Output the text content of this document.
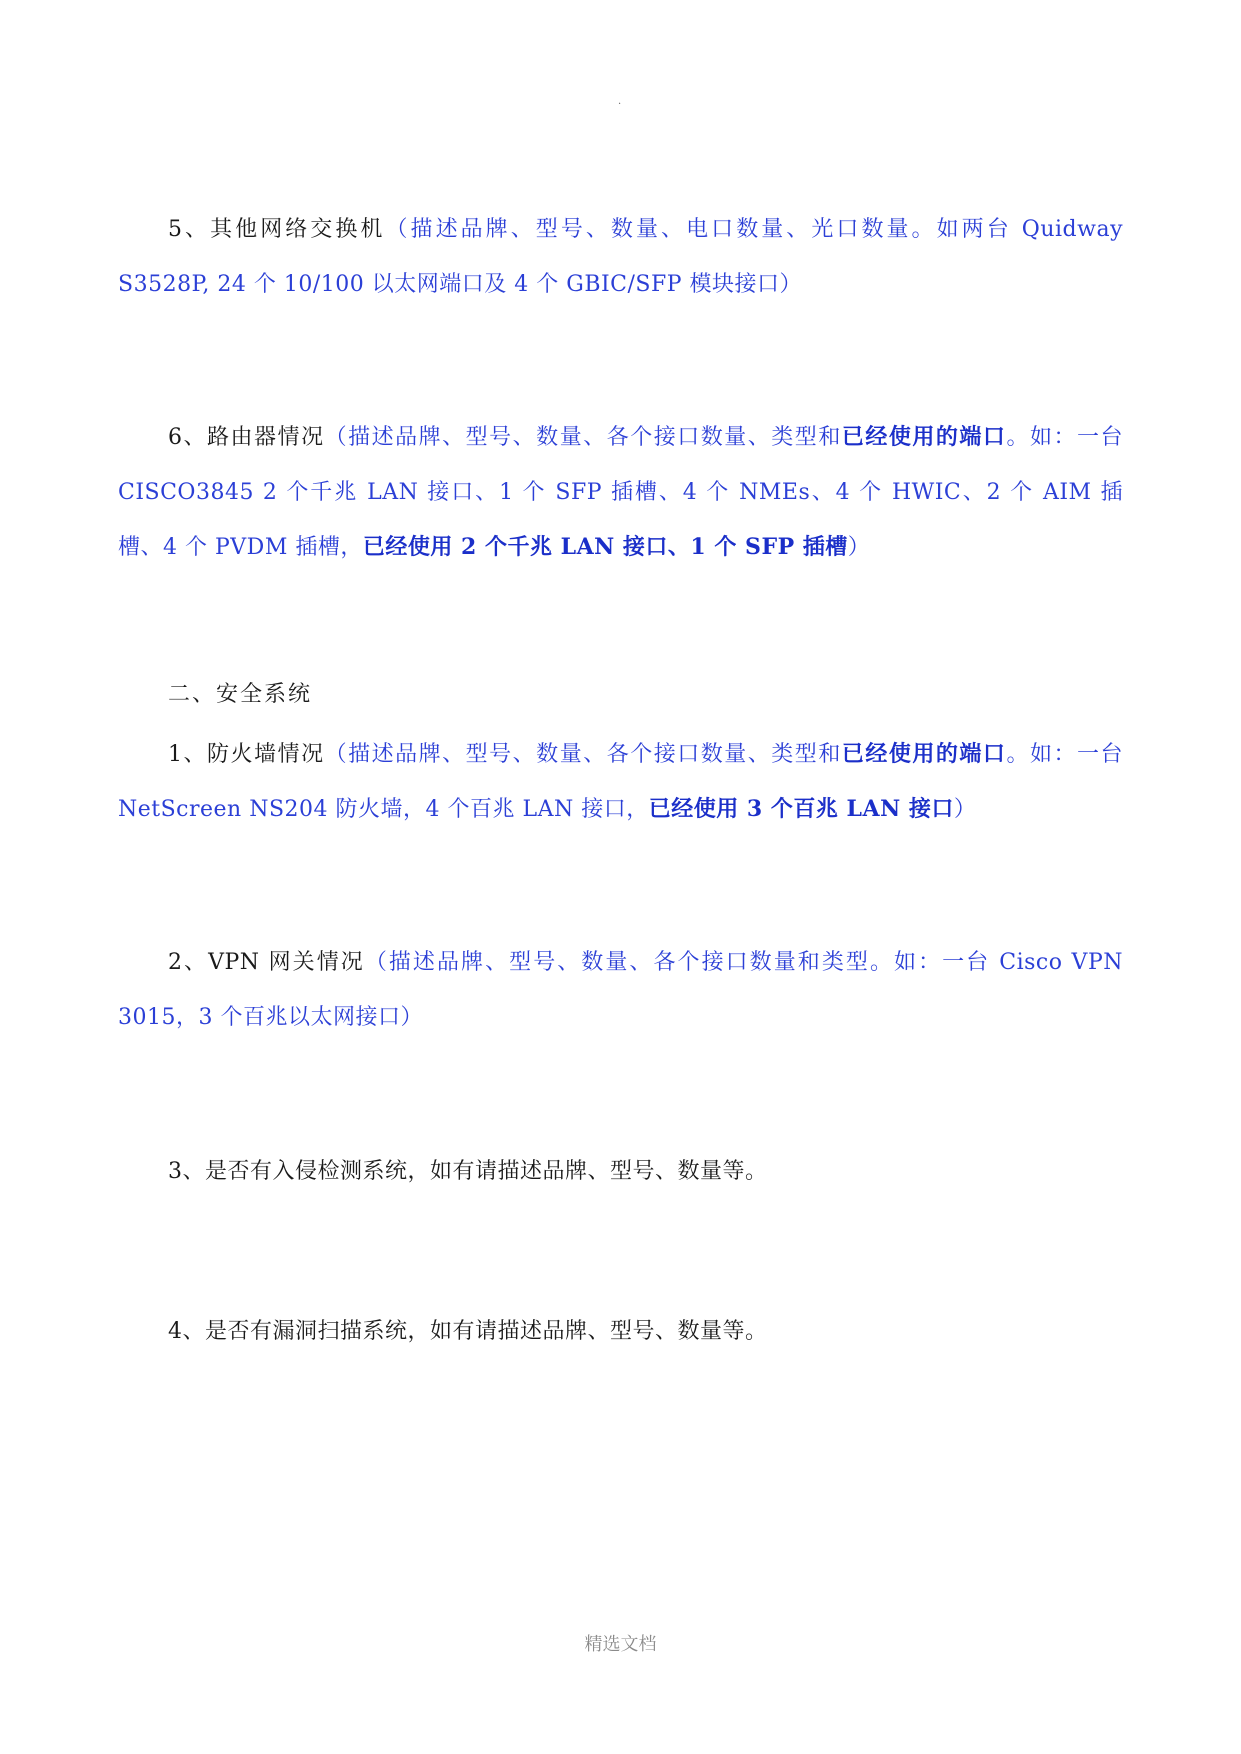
.

5、其他网络交换机（描述品牌、型号、数量、电口数量、光口数量。如两台 Quidway S3528P, 24 个 10/100 以太网端口及 4 个 GBIC/SFP 模块接口）

6、路由器情况（描述品牌、型号、数量、各个接口数量、类型和已经使用的端口。如：一台 CISCO3845 2 个千兆 LAN 接口、1 个 SFP 插槽、4 个 NMEs、4 个 HWIC、2 个 AIM 插槽、4 个 PVDM 插槽，已经使用 2 个千兆 LAN 接口、1 个 SFP 插槽）

二、安全系统

1、防火墙情况（描述品牌、型号、数量、各个接口数量、类型和已经使用的端口。如：一台 NetScreen NS204 防火墙，4 个百兆 LAN 接口，已经使用 3 个百兆 LAN 接口）

2、VPN 网关情况（描述品牌、型号、数量、各个接口数量和类型。如：一台 Cisco VPN 3015，3 个百兆以太网接口）

3、是否有入侵检测系统，如有请描述品牌、型号、数量等。

4、是否有漏洞扫描系统，如有请描述品牌、型号、数量等。

精选文档
